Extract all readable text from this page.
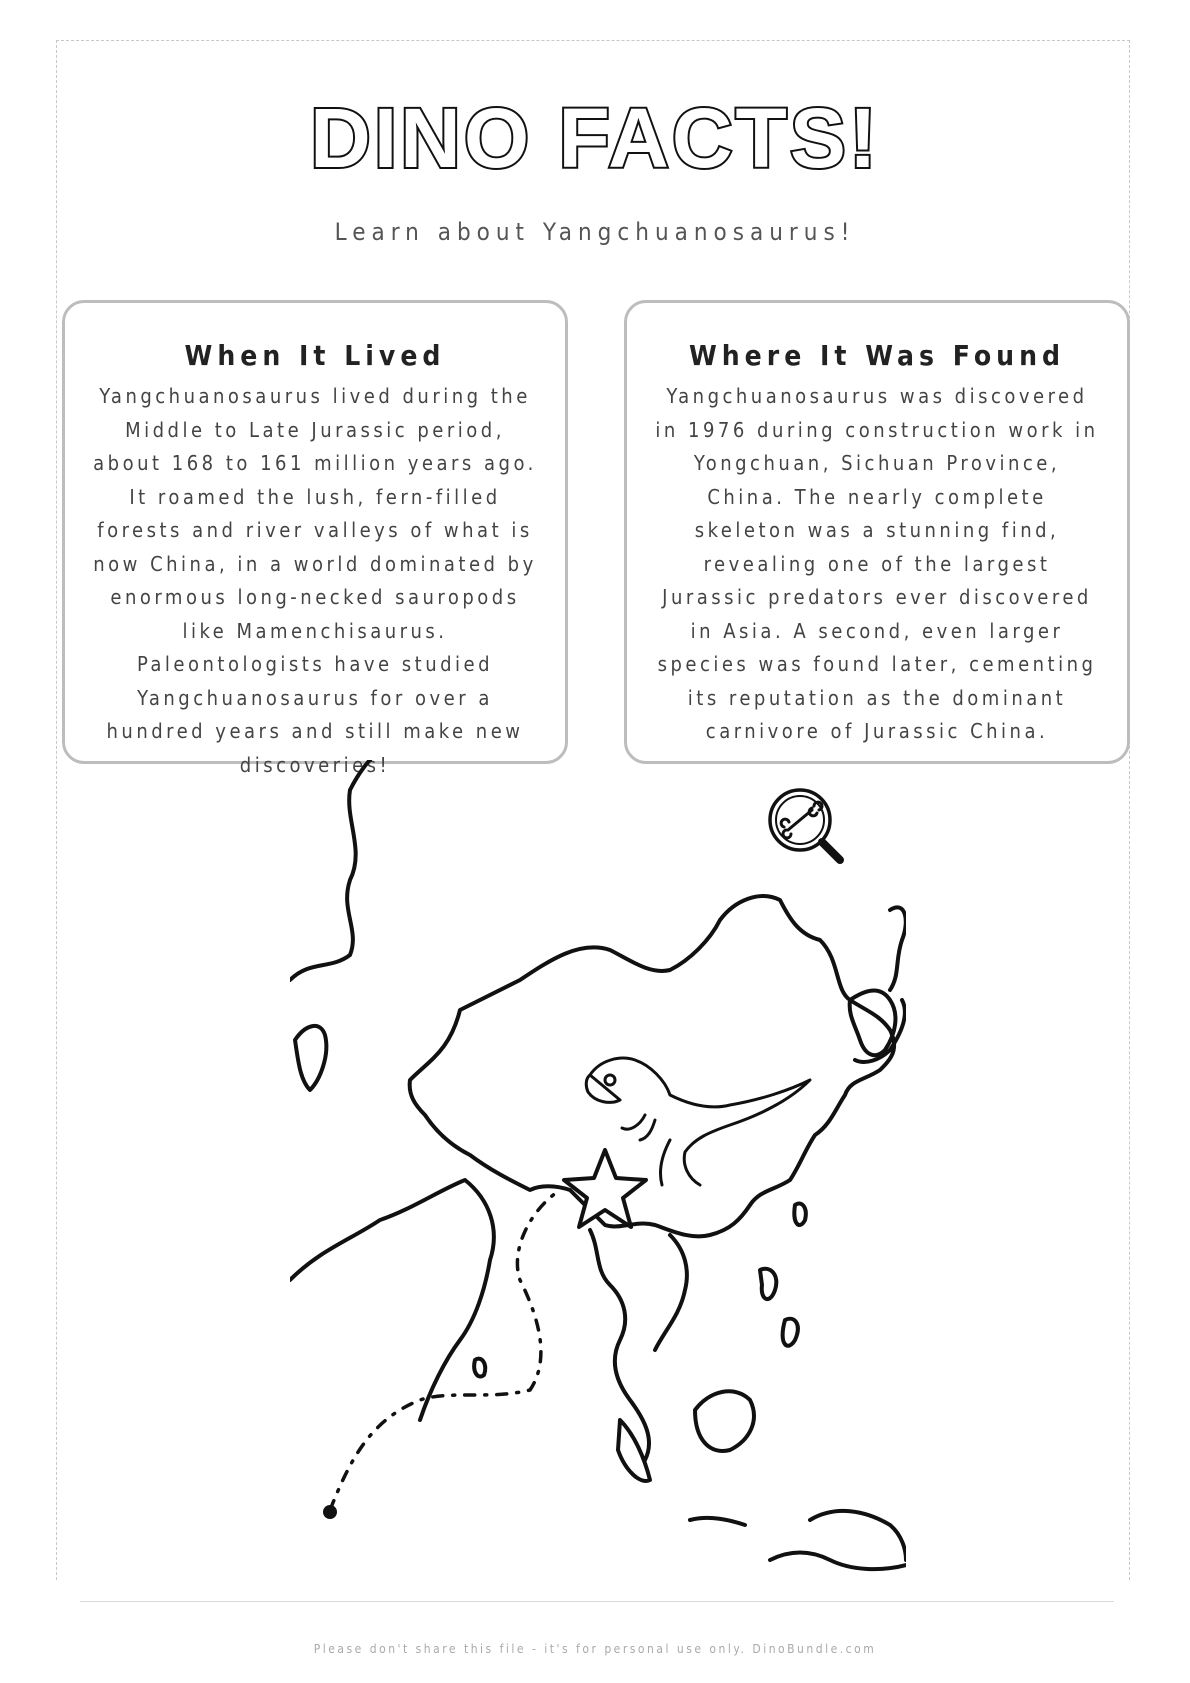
DINO FACTS!
Learn about Yangchuanosaurus!
When It Lived

Yangchuanosaurus lived during the Middle to Late Jurassic period, about 168 to 161 million years ago. It roamed the lush, fern-filled forests and river valleys of what is now China, in a world dominated by enormous long-necked sauropods like Mamenchisaurus. Paleontologists have studied Yangchuanosaurus for over a hundred years and still make new discoveries!

Where It Was Found

Yangchuanosaurus was discovered in 1976 during construction work in Yongchuan, Sichuan Province, China. The nearly complete skeleton was a stunning find, revealing one of the largest Jurassic predators ever discovered in Asia. A second, even larger species was found later, cementing its reputation as the dominant carnivore of Jurassic China.

Please don't share this file - it's for personal use only. DinoBundle.com
